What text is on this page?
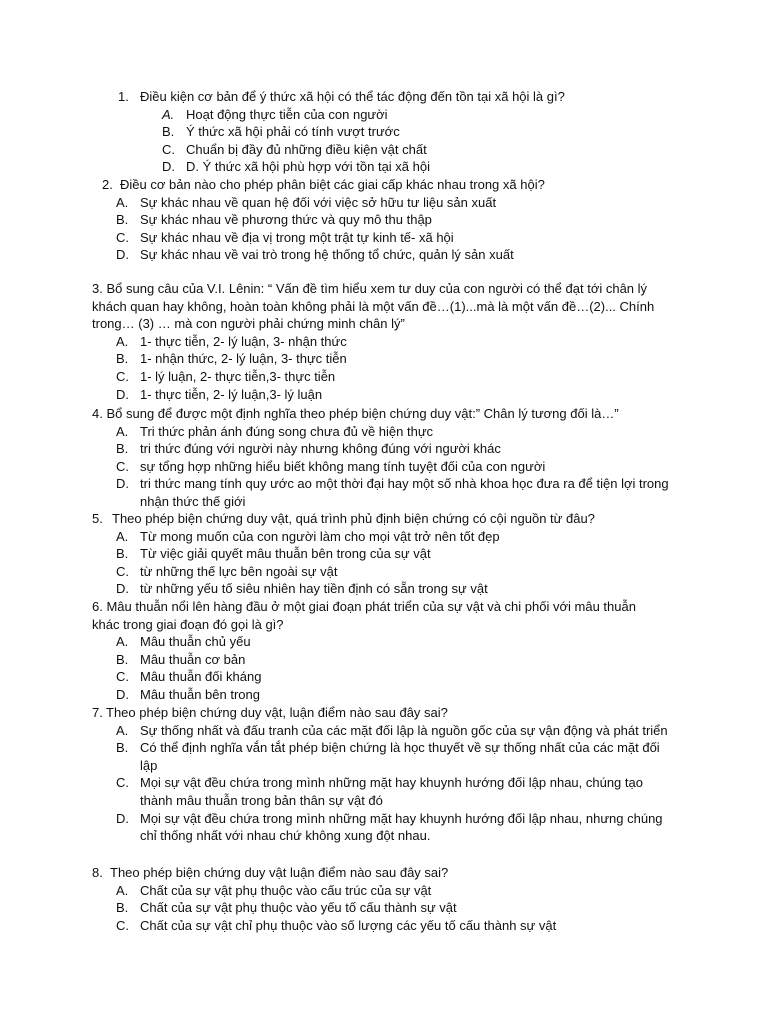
1. Điều kiện cơ bản để ý thức xã hội có thể tác động đến tồn tại xã hội là gì?
A. Hoạt động thực tiễn của con người
B. Ý thức xã hội phải có tính vượt trước
C. Chuẩn bị đầy đủ những điều kiện vật chất
D. D. Ý thức xã hội phù hợp với tồn tại xã hội
2. Điều cơ bản nào cho phép phân biệt các giai cấp khác nhau trong xã hội?
A. Sự khác nhau về quan hệ đối với việc sở hữu tư liệu sản xuất
B. Sự khác nhau về phương thức và quy mô thu thập
C. Sự khác nhau về địa vị trong một trật tự kinh tế- xã hội
D. Sự khác nhau về vai trò trong hệ thống tổ chức, quản lý sản xuất
3. Bổ sung câu của V.I. Lênin: “ Vấn đề tìm hiểu xem tư duy của con người có thể đạt tới chân lý khách quan hay không, hoàn toàn không phải là một vấn đề…(1)...mà là một vấn đề…(2)... Chính trong… (3) … mà con người phải chứng minh chân lý”
A. 1- thực tiễn, 2- lý luận, 3- nhận thức
B. 1- nhận thức, 2- lý luận, 3- thực tiễn
C. 1- lý luận, 2- thực tiễn,3- thực tiễn
D. 1- thực tiễn, 2- lý luận,3- lý luận
4. Bổ sung để được một định nghĩa theo phép biện chứng duy vật:” Chân lý tương đối là…”
A. Tri thức phản ánh đúng song chưa đủ về hiện thực
B. tri thức đúng với người này nhưng không đúng với người khác
C. sự tổng hợp những hiểu biết không mang tính tuyệt đối của con người
D. tri thức mang tính quy ước ao một thời đại hay một số nhà khoa học đưa ra để tiện lợi trong nhận thức thế giới
5. Theo phép biện chứng duy vật, quá trình phủ định biện chứng có cội nguồn từ đâu?
A. Từ mong muốn của con người làm cho mọi vật trở nên tốt đẹp
B. Từ việc giải quyết mâu thuẫn bên trong của sự vật
C. từ những thế lực bên ngoài sự vật
D. từ những yếu tố siêu nhiên hay tiền định có sẵn trong sự vật
6. Mâu thuẫn nổi lên hàng đầu ở một giai đoạn phát triển của sự vật và chi phối với mâu thuẫn khác trong giai đoạn đó gọi là gì?
A. Mâu thuẫn chủ yếu
B. Mâu thuẫn cơ bản
C. Mâu thuẫn đối kháng
D. Mâu thuẫn bên trong
7. Theo phép biện chứng duy vật, luận điểm nào sau đây sai?
A. Sự thống nhất và đấu tranh của các mặt đối lập là nguồn gốc của sự vận động và phát triển
B. Có thể định nghĩa vắn tắt phép biện chứng là học thuyết về sự thống nhất của các mặt đối lập
C. Mọi sự vật đều chứa trong mình những mặt hay khuynh hướng đối lập nhau, chúng tạo thành mâu thuẫn trong bản thân sự vật đó
D. Mọi sự vật đều chứa trong mình những mặt hay khuynh hướng đối lập nhau, nhưng chúng chỉ thống nhất với nhau chứ không xung đột nhau.
8. Theo phép biện chứng duy vật luận điểm nào sau đây sai?
A. Chất của sự vật phụ thuộc vào cấu trúc của sự vật
B. Chất của sự vật phụ thuộc vào yếu tố cấu thành sự vật
C. Chất của sự vật chỉ phụ thuộc vào số lượng các yếu tố cấu thành sự vật
